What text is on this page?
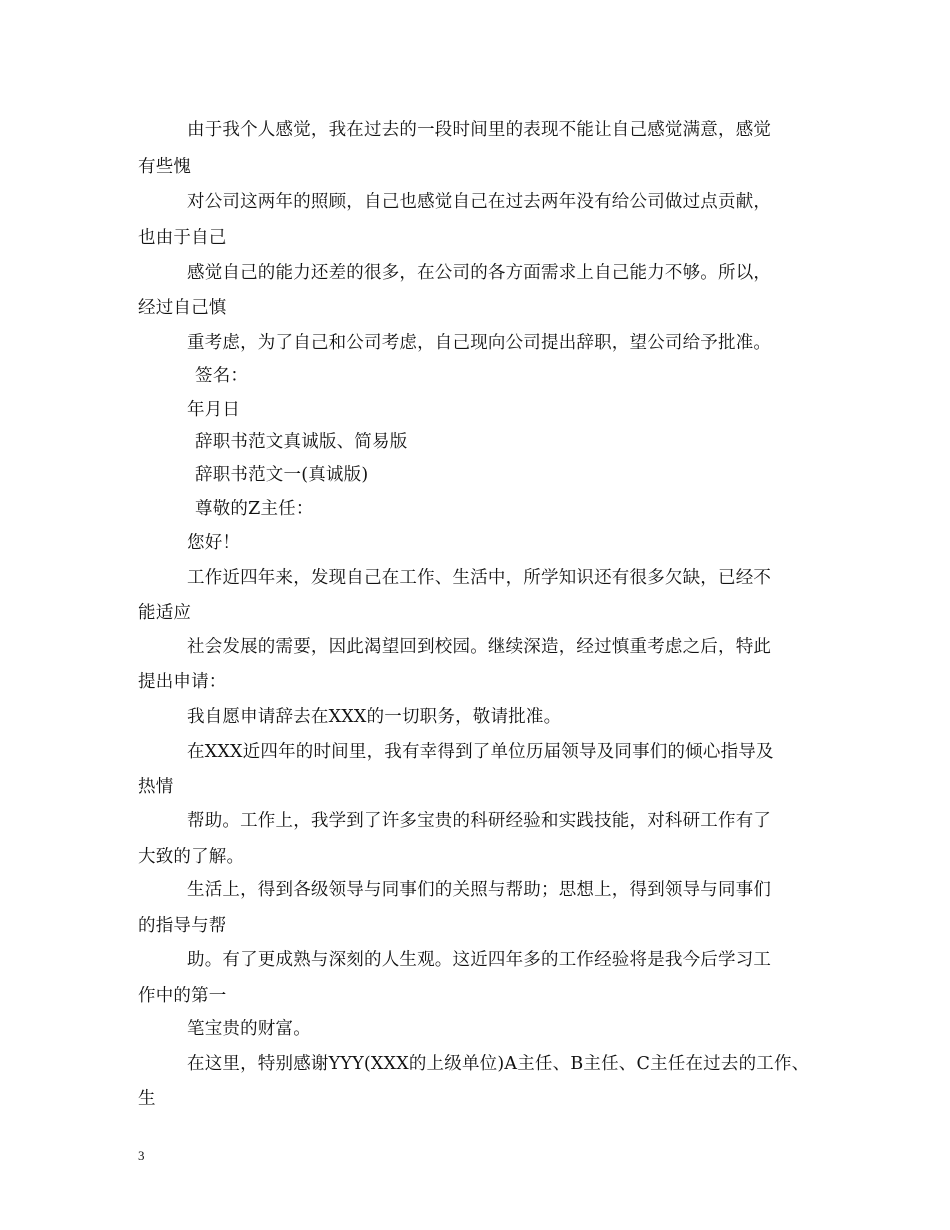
由于我个人感觉，我在过去的一段时间里的表现不能让自己感觉满意，感觉
有些愧
对公司这两年的照顾，自己也感觉自己在过去两年没有给公司做过点贡献，
也由于自己
感觉自己的能力还差的很多，在公司的各方面需求上自己能力不够。所以，
经过自己慎
重考虑，为了自己和公司考虑，自己现向公司提出辞职，望公司给予批准。
签名：
年月日
辞职书范文真诚版、简易版
辞职书范文一(真诚版)
尊敬的Z主任：
您好！
工作近四年来，发现自己在工作、生活中，所学知识还有很多欠缺，已经不
能适应
社会发展的需要，因此渴望回到校园。继续深造，经过慎重考虑之后，特此
提出申请：
我自愿申请辞去在XXX的一切职务，敬请批准。
在XXX近四年的时间里，我有幸得到了单位历届领导及同事们的倾心指导及
热情
帮助。工作上，我学到了许多宝贵的科研经验和实践技能，对科研工作有了
大致的了解。
生活上，得到各级领导与同事们的关照与帮助；思想上，得到领导与同事们
的指导与帮
助。有了更成熟与深刻的人生观。这近四年多的工作经验将是我今后学习工
作中的第一
笔宝贵的财富。
在这里，特别感谢YYY(XXX的上级单位)A主任、B主任、C主任在过去的工作、
生
3
